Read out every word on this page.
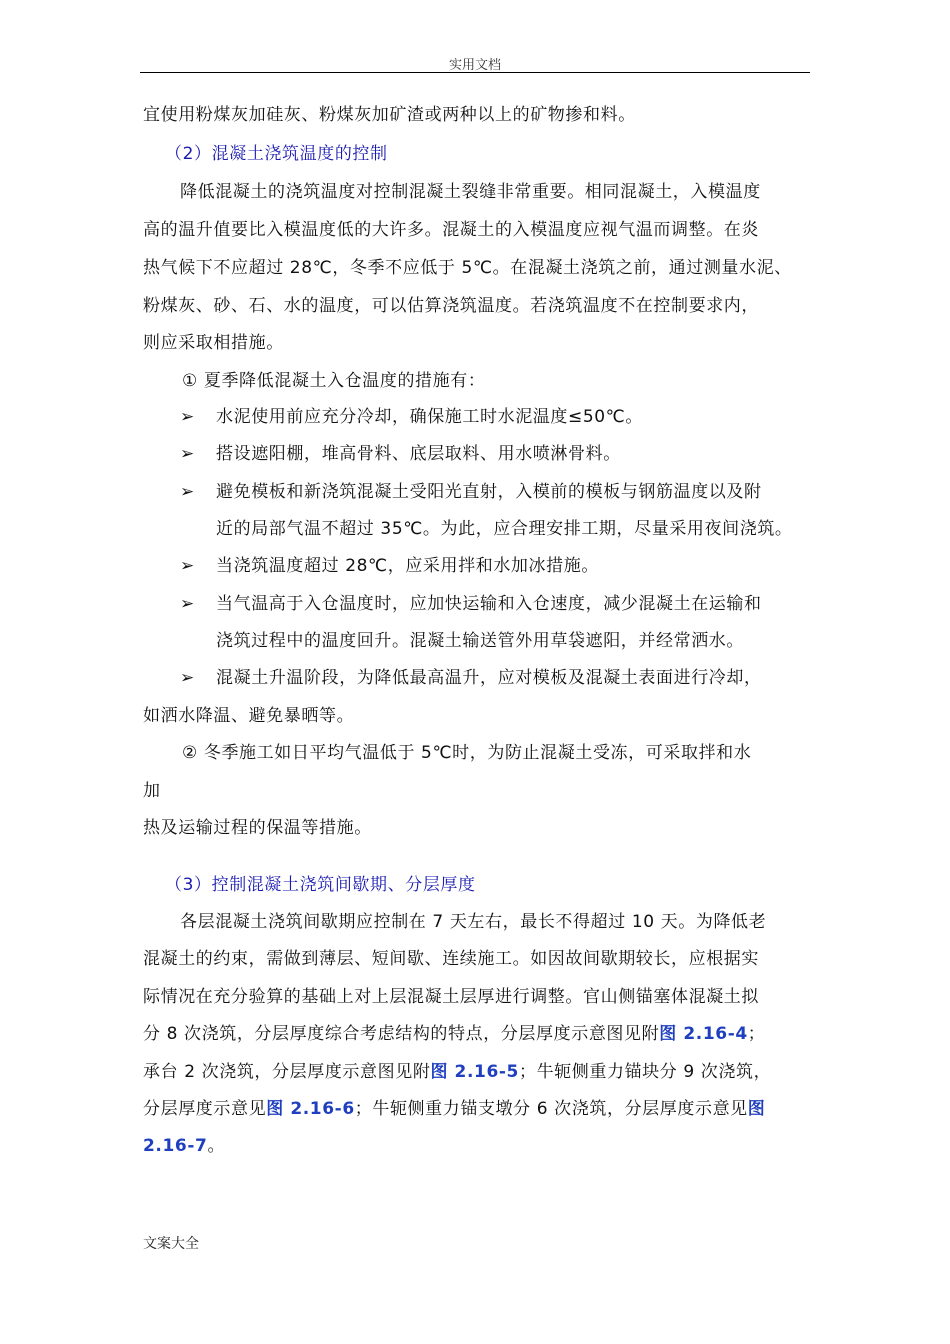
实用文档
宜使用粉煤灰加硅灰、粉煤灰加矿渣或两种以上的矿物掺和料。
（2）混凝土浇筑温度的控制
降低混凝土的浇筑温度对控制混凝土裂缝非常重要。相同混凝土，入模温度
高的温升值要比入模温度低的大许多。混凝土的入模温度应视气温而调整。在炎
热气候下不应超过 28℃，冬季不应低于 5℃。在混凝土浇筑之前，通过测量水泥、
粉煤灰、砂、石、水的温度，可以估算浇筑温度。若浇筑温度不在控制要求内，
则应采取相措施。
① 夏季降低混凝土入仓温度的措施有：
➢ 水泥使用前应充分冷却，确保施工时水泥温度≤50℃。
➢ 搭设遮阳棚，堆高骨料、底层取料、用水喷淋骨料。
➢ 避免模板和新浇筑混凝土受阳光直射，入模前的模板与钢筋温度以及附
近的局部气温不超过 35℃。为此，应合理安排工期，尽量采用夜间浇筑。
➢ 当浇筑温度超过 28℃，应采用拌和水加冰措施。
➢ 当气温高于入仓温度时，应加快运输和入仓速度，减少混凝土在运输和
浇筑过程中的温度回升。混凝土输送管外用草袋遮阳，并经常洒水。
➢ 混凝土升温阶段，为降低最高温升，应对模板及混凝土表面进行冷却，
如洒水降温、避免暴晒等。
② 冬季施工如日平均气温低于 5℃时，为防止混凝土受冻，可采取拌和水
加
热及运输过程的保温等措施。
（3）控制混凝土浇筑间歇期、分层厚度
各层混凝土浇筑间歇期应控制在 7 天左右，最长不得超过 10 天。为降低老
混凝土的约束，需做到薄层、短间歇、连续施工。如因故间歇期较长，应根据实
际情况在充分验算的基础上对上层混凝土层厚进行调整。官山侧锚塞体混凝土拟
分 8 次浇筑，分层厚度综合考虑结构的特点，分层厚度示意图见附图 2.16-4；
承台 2 次浇筑，分层厚度示意图见附图 2.16-5；牛轭侧重力锚块分 9 次浇筑，
分层厚度示意见图 2.16-6；牛轭侧重力锚支墩分 6 次浇筑，分层厚度示意见图
2.16-7。
文案大全
